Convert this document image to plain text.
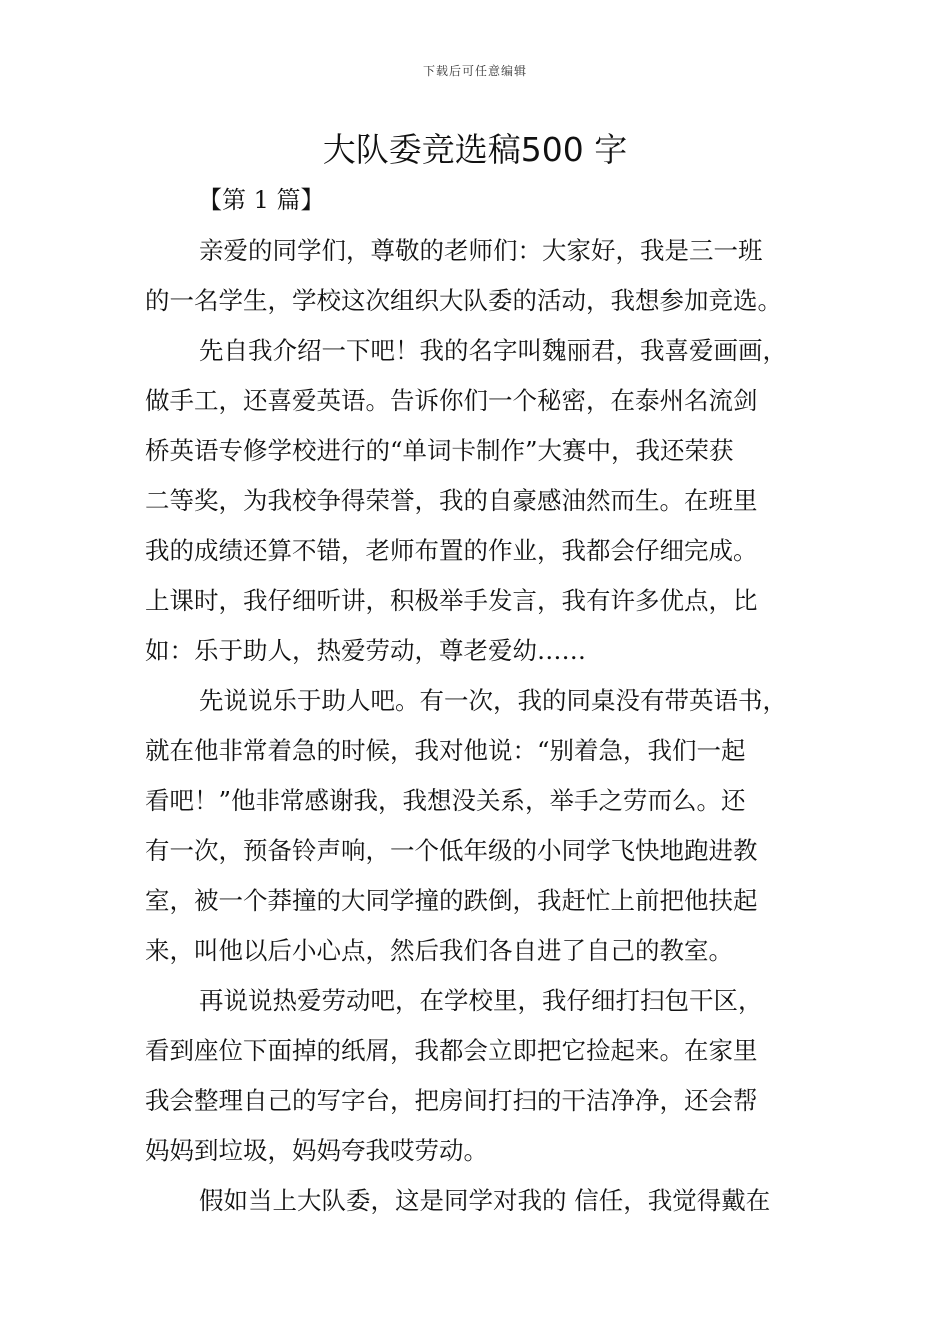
下载后可任意编辑
大队委竞选稿500 字
【第 1 篇】

亲爱的同学们，尊敬的老师们：大家好，我是三一班
的一名学生，学校这次组织大队委的活动，我想参加竞选。

先自我介绍一下吧！我的名字叫魏丽君，我喜爱画画，
做手工，还喜爱英语。告诉你们一个秘密，在泰州名流剑
桥英语专修学校进行的“单词卡制作”大赛中，我还荣获
二等奖，为我校争得荣誉，我的自豪感油然而生。在班里
我的成绩还算不错，老师布置的作业，我都会仔细完成。
上课时，我仔细听讲，积极举手发言，我有许多优点，比
如：乐于助人，热爱劳动，尊老爱幼……

先说说乐于助人吧。有一次，我的同桌没有带英语书，
就在他非常着急的时候，我对他说：“别着急，我们一起
看吧！”他非常感谢我，我想没关系，举手之劳而么。还
有一次，预备铃声响，一个低年级的小同学飞快地跑进教
室，被一个莽撞的大同学撞的跌倒，我赶忙上前把他扶起
来，叫他以后小心点，然后我们各自进了自己的教室。

再说说热爱劳动吧，在学校里，我仔细打扫包干区，
看到座位下面掉的纸屑，我都会立即把它捡起来。在家里
我会整理自己的写字台，把房间打扫的干洁净净，还会帮
妈妈到垃圾，妈妈夸我哎劳动。

假如当上大队委，这是同学对我的 信任，我觉得戴在
